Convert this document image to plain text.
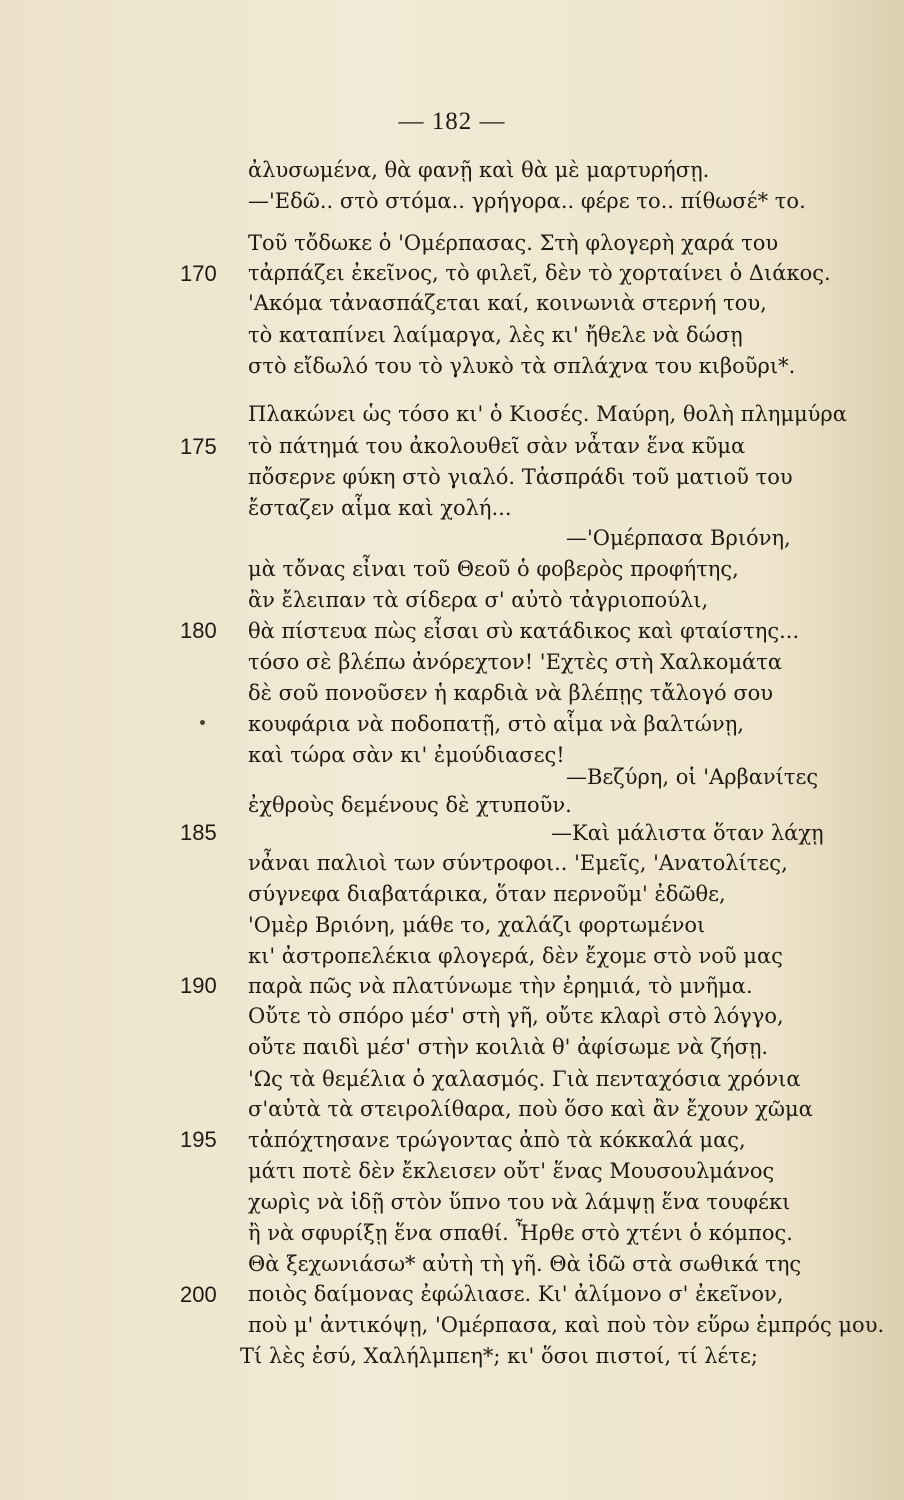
— 182 —
ἀλυσωμένα, θὰ φανῇ καὶ θὰ μὲ μαρτυρήσῃ.
—'Εδῶ.. στὸ στόμα.. γρήγορα.. φέρε το.. πίθωσέ* το.
Τοῦ τὄδωκε ὁ 'Ομέρπασας. Στὴ φλογερὴ χαρά του
τἀρπάζει ἐκεῖνος, τὸ φιλεῖ, δὲν τὸ χορταίνει ὁ Διάκος.
'Ακόμα τἀνασπάζεται καί, κοινωνιὰ στερνή του,
τὸ καταπίνει λαίμαργα, λὲς κι' ἤθελε νὰ δώσῃ
στὸ εἴδωλό του τὸ γλυκὸ τὰ σπλάχνα του κιβοῦρι*.
Πλακώνει ὡς τόσο κι' ὁ Κιοσές. Μαύρη, θολὴ πλημμύρα
τὸ πάτημά του ἀκολουθεῖ σὰν νἆταν ἕνα κῦμα
πὄσερνε φύκη στὸ γιαλό. Τἀσπράδι τοῦ ματιοῦ του
ἔσταζεν αἷμα καὶ χολή...
—'Ομέρπασα Βριόνη,
μὰ τὄνας εἶναι τοῦ Θεοῦ ὁ φοβερὸς προφήτης,
ἂν ἔλειπαν τὰ σίδερα σ' αὐτὸ τἀγριοπούλι,
θὰ πίστευα πὼς εἶσαι σὺ κατάδικος καὶ φταίστης...
τόσο σὲ βλέπω ἀνόρεχτον! 'Εχτὲς στὴ Χαλκομάτα
δὲ σοῦ πονοῦσεν ἡ καρδιὰ νὰ βλέπῃς τἄλογό σου
κουφάρια νὰ ποδοπατῇ, στὸ αἷμα νὰ βαλτώνῃ,
καὶ τώρα σὰν κι' ἐμούδιασες!
—Βεζύρη, οἱ 'Αρβανίτες
ἐχθροὺς δεμένους δὲ χτυποῦν.
—Καὶ μάλιστα ὅταν λάχῃ
νἆναι παλιοὶ των σύντροφοι.. 'Εμεῖς, 'Ανατολίτες,
σύγνεφα διαβατάρικα, ὅταν περνοῦμ' ἐδῶθε,
'Ομὲρ Βριόνη, μάθε το, χαλάζι φορτωμένοι
κι' ἀστροπελέκια φλογερά, δὲν ἔχομε στὸ νοῦ μας
παρὰ πῶς νὰ πλατύνωμε τὴν ἐρημιά, τὸ μνῆμα.
Οὔτε τὸ σπόρο μέσ' στὴ γῆ, οὔτε κλαρὶ στὸ λόγγο,
οὔτε παιδὶ μέσ' στὴν κοιλιὰ θ' ἀφίσωμε νὰ ζήσῃ.
'Ως τὰ θεμέλια ὁ χαλασμός. Γιὰ πενταχόσια χρόνια
σ'αὐτὰ τὰ στειρολίθαρα, ποὺ ὅσο καὶ ἂν ἔχουν χῶμα
τἀπόχτησανε τρώγοντας ἀπὸ τὰ κόκκαλά μας,
μάτι ποτὲ δὲν ἔκλεισεν οὔτ' ἕνας Μουσουλμάνος
χωρὶς νὰ ἰδῇ στὸν ὕπνο του νὰ λάμψῃ ἕνα τουφέκι
ἢ νὰ σφυρίξῃ ἕνα σπαθί. Ἦρθε στὸ χτένι ὁ κόμπος.
Θὰ ξεχωνιάσω* αὐτὴ τὴ γῆ. Θὰ ἰδῶ στὰ σωθικά της
ποιὸς δαίμονας ἐφώλιασε. Κι' ἀλίμονο σ' ἐκεῖνον,
ποὺ μ' ἀντικόψῃ, 'Ομέρπασα, καὶ ποὺ τὸν εὕρω ἐμπρός μου.
Τί λὲς ἐσύ, Χαλήλμπεη*; κι' ὅσοι πιστοί, τί λέτε;
170
175
180
185
190
195
200
